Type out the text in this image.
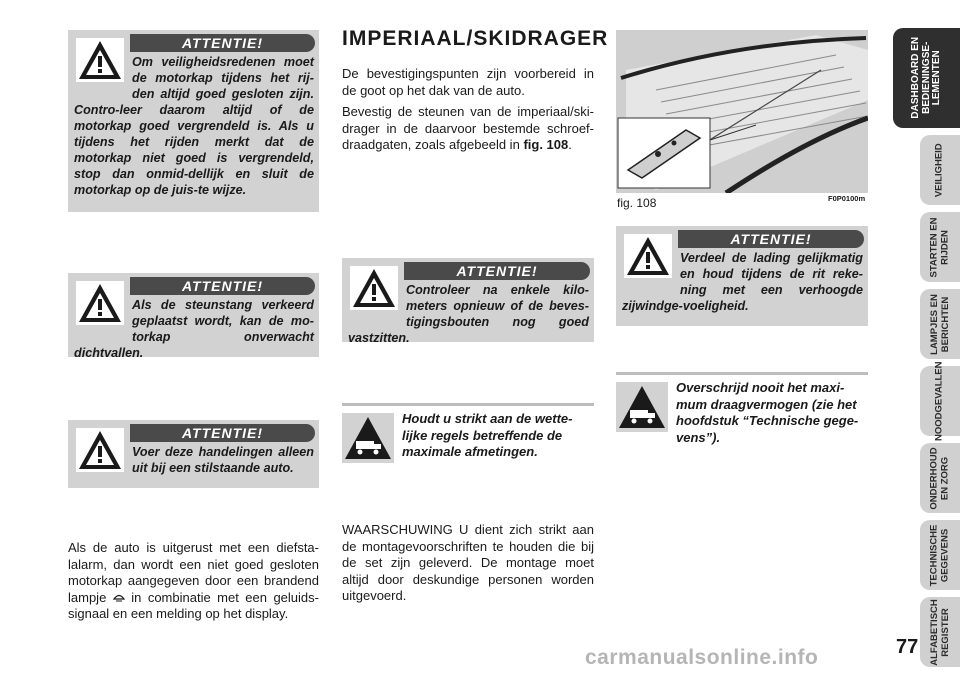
ATTENTIE!
Om veiligheidsredenen moet de motorkap tijdens het rij-den altijd goed gesloten zijn. Contro-leer daarom altijd of de motorkap goed vergrendeld is. Als u tijdens het rijden merkt dat de motorkap niet goed is vergrendeld, stop dan onmid-dellijk en sluit de motorkap op de juis-te wijze.
ATTENTIE!
Als de steunstang verkeerd geplaatst wordt, kan de mo-torkap onverwacht dichtvallen.
ATTENTIE!
Voer deze handelingen alleen uit bij een stilstaande auto.
Als de auto is uitgerust met een diefsta-lalarm, dan wordt een niet goed gesloten motorkap aangegeven door een brandend lampje in combinatie met een geluids-signaal en een melding op het display.
IMPERIAAL/SKIDRAGER
De bevestigingspunten zijn voorbereid in de goot op het dak van de auto.
Bevestig de steunen van de imperiaal/ski-drager in de daarvoor bestemde schroef-draadgaten, zoals afgebeeld in fig. 108.
ATTENTIE!
Controleer na enkele kilo-meters opnieuw of de beves-tigingsbouten nog goed vastzitten.
Houdt u strikt aan de wette-lijke regels betreffende de maximale afmetingen.
WAARSCHUWING U dient zich strikt aan de montagevoorschriften te houden die bij de set zijn geleverd. De montage moet altijd door deskundige personen worden uitgevoerd.
fig. 108	F0P0100m
ATTENTIE!
Verdeel de lading gelijkmatig en houd tijdens de rit reke-ning met een verhoogde zijwindge-voeligheid.
Overschrijd nooit het maxi-mum draagvermogen (zie het hoofdstuk “Technische gege-vens”).
DASHBOARD EN
BEDIENINGSE-
LEMENTEN
VEILIGHEID
STARTEN EN
RIJDEN
LAMPJES EN
BERICHTEN
NOODGEVALLEN
ONDERHOUD
EN ZORG
TECHNISCHE
GEGEVENS
ALFABETISCH
REGISTER
77
carmanualsonline.info
